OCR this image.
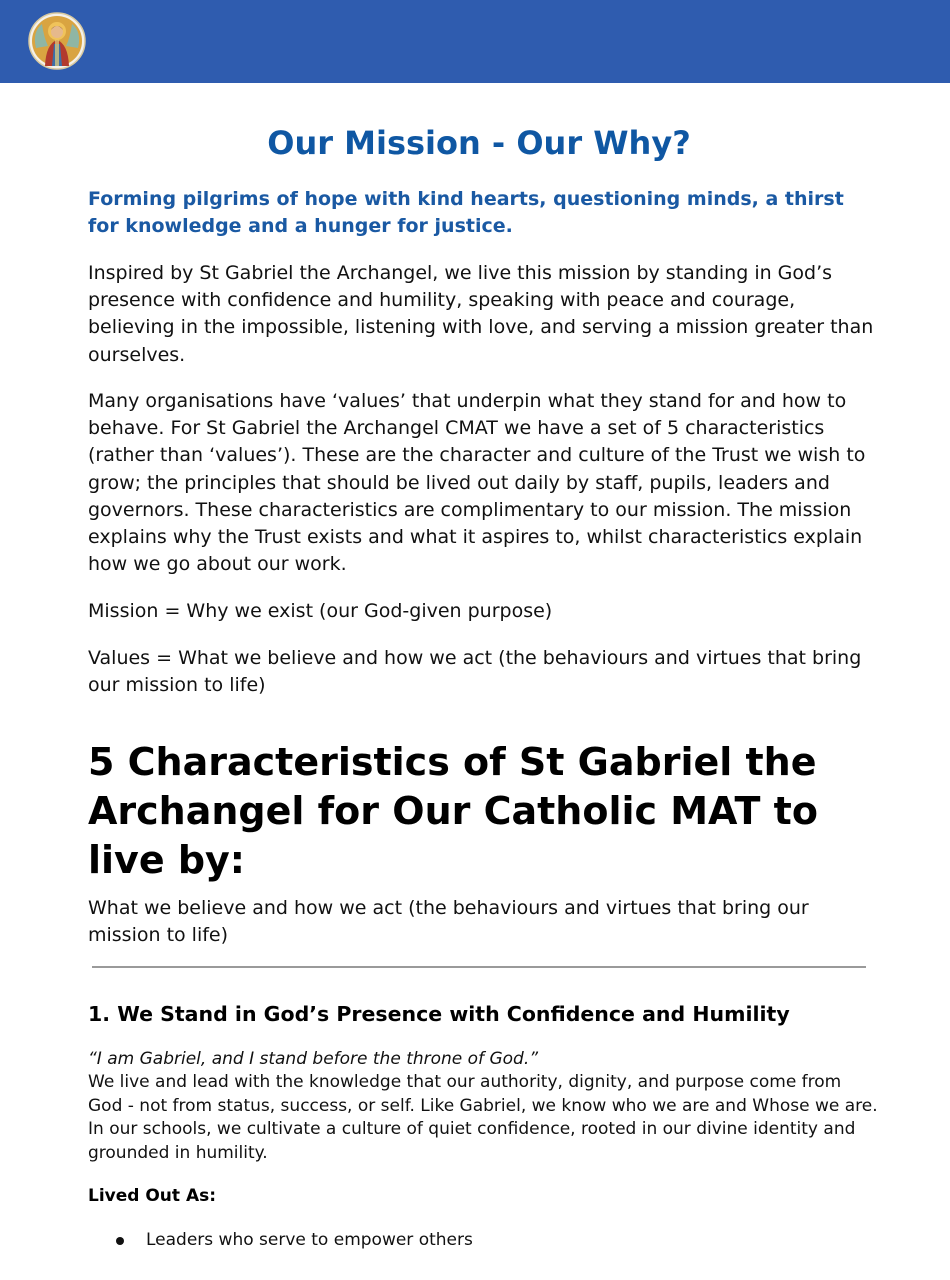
Our Mission - Our Why?

Forming pilgrims of hope with kind hearts, questioning minds, a thirst for knowledge and a hunger for justice.

Inspired by St Gabriel the Archangel, we live this mission by standing in God’s presence with confidence and humility, speaking with peace and courage, believing in the impossible, listening with love, and serving a mission greater than ourselves.

Many organisations have ‘values’ that underpin what they stand for and how to behave. For St Gabriel the Archangel CMAT we have a set of 5 characteristics (rather than ‘values’). These are the character and culture of the Trust we wish to grow; the principles that should be lived out daily by staff, pupils, leaders and governors. These characteristics are complimentary to our mission. The mission explains why the Trust exists and what it aspires to, whilst characteristics explain how we go about our work.

Mission = Why we exist (our God-given purpose)

Values = What we believe and how we act (the behaviours and virtues that bring our mission to life)

5 Characteristics of St Gabriel the Archangel for Our Catholic MAT to live by:

What we believe and how we act (the behaviours and virtues that bring our mission to life)

1. We Stand in God’s Presence with Confidence and Humility

“I am Gabriel, and I stand before the throne of God.”

We live and lead with the knowledge that our authority, dignity, and purpose come from God - not from status, success, or self. Like Gabriel, we know who we are and Whose we are. In our schools, we cultivate a culture of quiet confidence, rooted in our divine identity and grounded in humility.

Lived Out As:

Leaders who serve to empower others
